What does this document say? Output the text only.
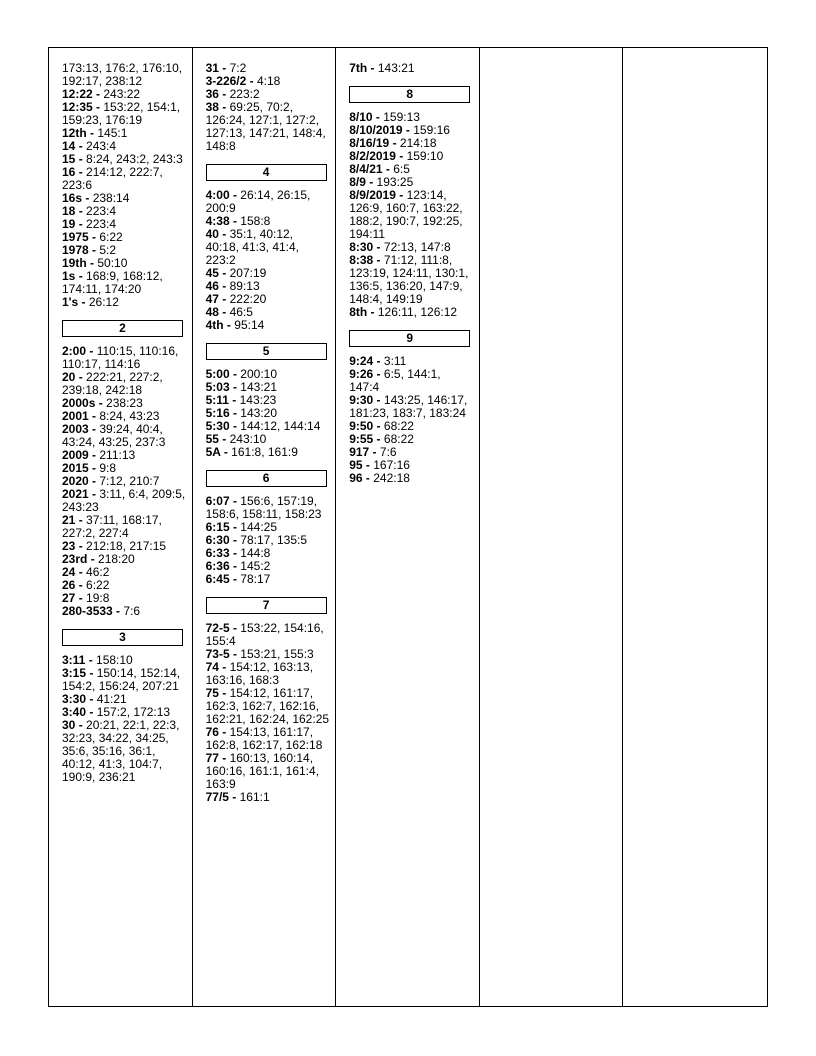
173:13, 176:2, 176:10, 192:17, 238:12
12:22 - 243:22
12:35 - 153:22, 154:1, 159:23, 176:19
12th - 145:1
14 - 243:4
15 - 8:24, 243:2, 243:3
16 - 214:12, 222:7, 223:6
16s - 238:14
18 - 223:4
19 - 223:4
1975 - 6:22
1978 - 5:2
19th - 50:10
1s - 168:9, 168:12, 174:11, 174:20
1's - 26:12
2
2:00 - 110:15, 110:16, 110:17, 114:16
20 - 222:21, 227:2, 239:18, 242:18
2000s - 238:23
2001 - 8:24, 43:23
2003 - 39:24, 40:4, 43:24, 43:25, 237:3
2009 - 211:13
2015 - 9:8
2020 - 7:12, 210:7
2021 - 3:11, 6:4, 209:5, 243:23
21 - 37:11, 168:17, 227:2, 227:4
23 - 212:18, 217:15
23rd - 218:20
24 - 46:2
26 - 6:22
27 - 19:8
280-3533 - 7:6
3
3:11 - 158:10
3:15 - 150:14, 152:14, 154:2, 156:24, 207:21
3:30 - 41:21
3:40 - 157:2, 172:13
30 - 20:21, 22:1, 22:3, 32:23, 34:22, 34:25, 35:6, 35:16, 36:1, 40:12, 41:3, 104:7, 190:9, 236:21
31 - 7:2
3-226/2 - 4:18
36 - 223:2
38 - 69:25, 70:2, 126:24, 127:1, 127:2, 127:13, 147:21, 148:4, 148:8
4
4:00 - 26:14, 26:15, 200:9
4:38 - 158:8
40 - 35:1, 40:12, 40:18, 41:3, 41:4, 223:2
45 - 207:19
46 - 89:13
47 - 222:20
48 - 46:5
4th - 95:14
5
5:00 - 200:10
5:03 - 143:21
5:11 - 143:23
5:16 - 143:20
5:30 - 144:12, 144:14
55 - 243:10
5A - 161:8, 161:9
6
6:07 - 156:6, 157:19, 158:6, 158:11, 158:23
6:15 - 144:25
6:30 - 78:17, 135:5
6:33 - 144:8
6:36 - 145:2
6:45 - 78:17
7
72-5 - 153:22, 154:16, 155:4
73-5 - 153:21, 155:3
74 - 154:12, 163:13, 163:16, 168:3
75 - 154:12, 161:17, 162:3, 162:7, 162:16, 162:21, 162:24, 162:25
76 - 154:13, 161:17, 162:8, 162:17, 162:18
77 - 160:13, 160:14, 160:16, 161:1, 161:4, 163:9
77/5 - 161:1
7th - 143:21
8
8/10 - 159:13
8/10/2019 - 159:16
8/16/19 - 214:18
8/2/2019 - 159:10
8/4/21 - 6:5
8/9 - 193:25
8/9/2019 - 123:14, 126:9, 160:7, 163:22, 188:2, 190:7, 192:25, 194:11
8:30 - 72:13, 147:8
8:38 - 71:12, 111:8, 123:19, 124:11, 130:1, 136:5, 136:20, 147:9, 148:4, 149:19
8th - 126:11, 126:12
9
9:24 - 3:11
9:26 - 6:5, 144:1, 147:4
9:30 - 143:25, 146:17, 181:23, 183:7, 183:24
9:50 - 68:22
9:55 - 68:22
917 - 7:6
95 - 167:16
96 - 242:18
